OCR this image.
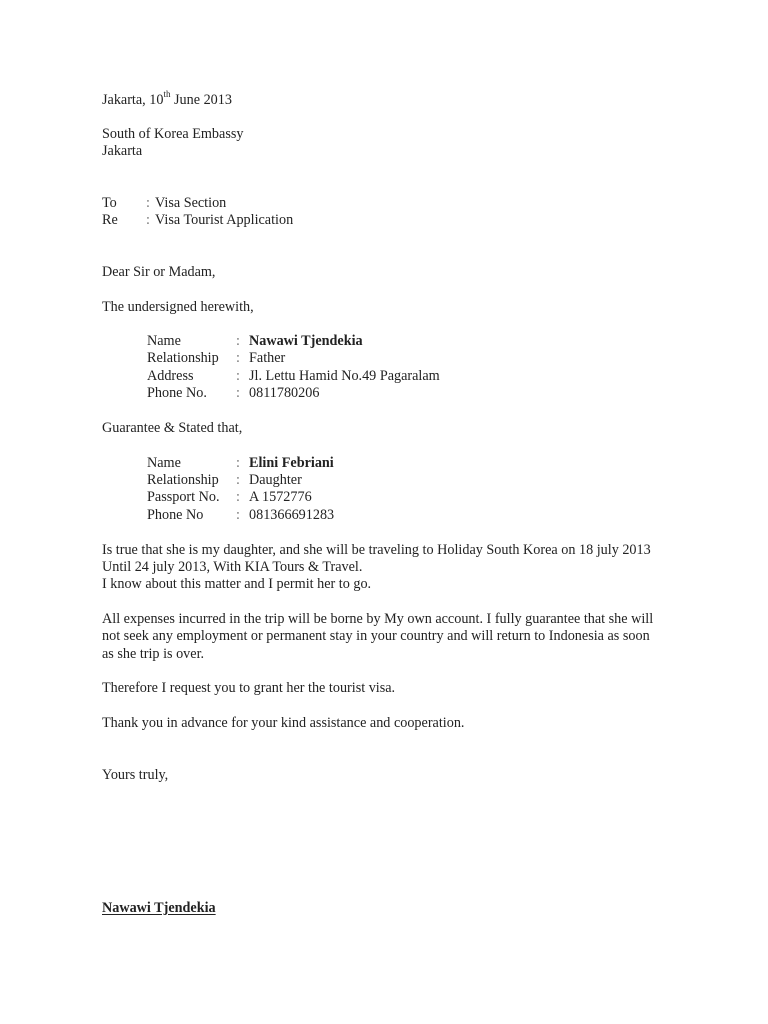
Jakarta, 10th June 2013
South of Korea Embassy
Jakarta
To : Visa Section
Re : Visa Tourist Application
Dear Sir or Madam,
The undersigned herewith,
Name	: Nawawi Tjendekia
Relationship : Father
Address	: Jl. Lettu Hamid No.49 Pagaralam
Phone No. : 0811780206
Guarantee & Stated that,
Name	: Elini Febriani
Relationship : Daughter
Passport No. : A 1572776
Phone No : 081366691283
Is true that she is my daughter, and she will be traveling to Holiday South Korea on 18 july 2013
Until 24 july 2013, With KIA Tours & Travel.
I know about this matter and I permit her to go.
All expenses incurred in the trip will be borne by My own account. I fully guarantee that she will
not seek any employment or permanent stay in your country and will return to Indonesia as soon
as she trip is over.
Therefore I request you to grant her the tourist visa.
Thank you in advance for your kind assistance and cooperation.
Yours truly,
Nawawi Tjendekia
